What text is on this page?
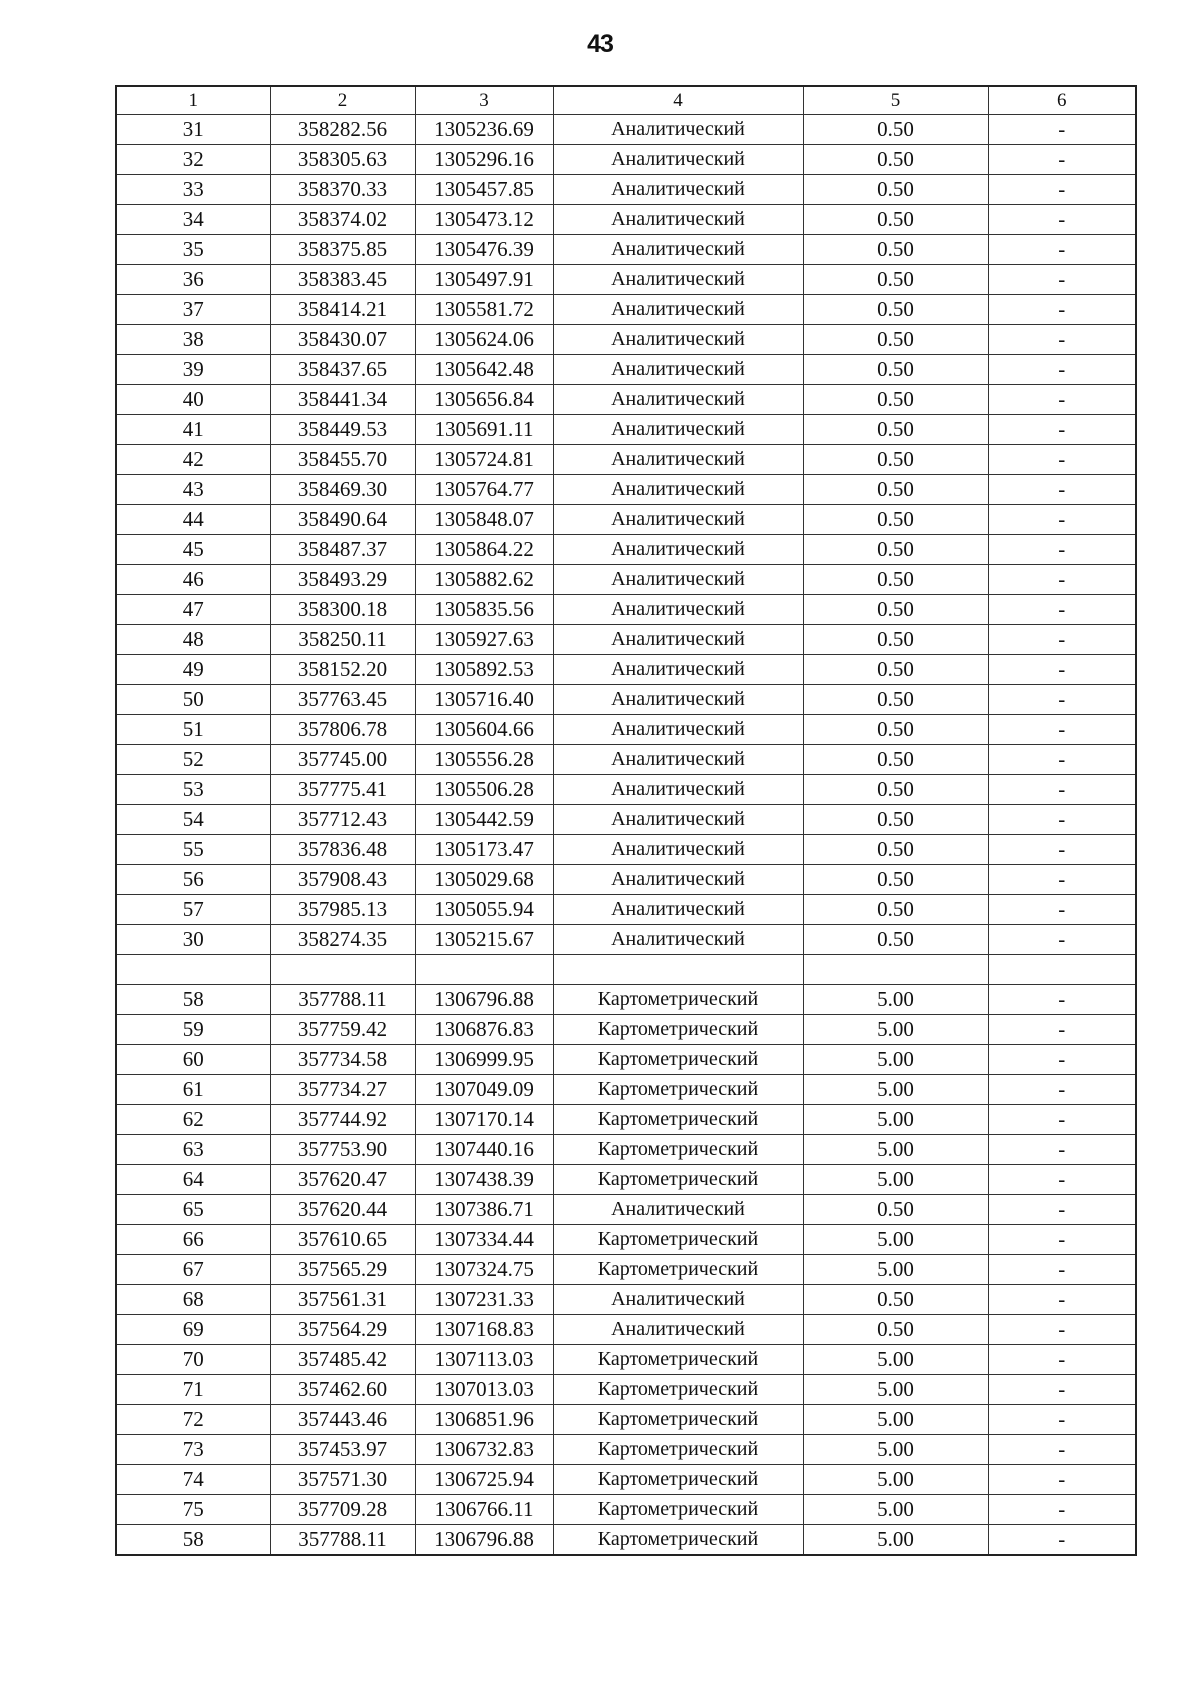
43
1	2	3	4	5	6
31	358282.56	1305236.69	Аналитический	0.50	-
32	358305.63	1305296.16	Аналитический	0.50	-
33	358370.33	1305457.85	Аналитический	0.50	-
34	358374.02	1305473.12	Аналитический	0.50	-
35	358375.85	1305476.39	Аналитический	0.50	-
36	358383.45	1305497.91	Аналитический	0.50	-
37	358414.21	1305581.72	Аналитический	0.50	-
38	358430.07	1305624.06	Аналитический	0.50	-
39	358437.65	1305642.48	Аналитический	0.50	-
40	358441.34	1305656.84	Аналитический	0.50	-
41	358449.53	1305691.11	Аналитический	0.50	-
42	358455.70	1305724.81	Аналитический	0.50	-
43	358469.30	1305764.77	Аналитический	0.50	-
44	358490.64	1305848.07	Аналитический	0.50	-
45	358487.37	1305864.22	Аналитический	0.50	-
46	358493.29	1305882.62	Аналитический	0.50	-
47	358300.18	1305835.56	Аналитический	0.50	-
48	358250.11	1305927.63	Аналитический	0.50	-
49	358152.20	1305892.53	Аналитический	0.50	-
50	357763.45	1305716.40	Аналитический	0.50	-
51	357806.78	1305604.66	Аналитический	0.50	-
52	357745.00	1305556.28	Аналитический	0.50	-
53	357775.41	1305506.28	Аналитический	0.50	-
54	357712.43	1305442.59	Аналитический	0.50	-
55	357836.48	1305173.47	Аналитический	0.50	-
56	357908.43	1305029.68	Аналитический	0.50	-
57	357985.13	1305055.94	Аналитический	0.50	-
30	358274.35	1305215.67	Аналитический	0.50	-

58	357788.11	1306796.88	Картометрический	5.00	-
59	357759.42	1306876.83	Картометрический	5.00	-
60	357734.58	1306999.95	Картометрический	5.00	-
61	357734.27	1307049.09	Картометрический	5.00	-
62	357744.92	1307170.14	Картометрический	5.00	-
63	357753.90	1307440.16	Картометрический	5.00	-
64	357620.47	1307438.39	Картометрический	5.00	-
65	357620.44	1307386.71	Аналитический	0.50	-
66	357610.65	1307334.44	Картометрический	5.00	-
67	357565.29	1307324.75	Картометрический	5.00	-
68	357561.31	1307231.33	Аналитический	0.50	-
69	357564.29	1307168.83	Аналитический	0.50	-
70	357485.42	1307113.03	Картометрический	5.00	-
71	357462.60	1307013.03	Картометрический	5.00	-
72	357443.46	1306851.96	Картометрический	5.00	-
73	357453.97	1306732.83	Картометрический	5.00	-
74	357571.30	1306725.94	Картометрический	5.00	-
75	357709.28	1306766.11	Картометрический	5.00	-
58	357788.11	1306796.88	Картометрический	5.00	-
